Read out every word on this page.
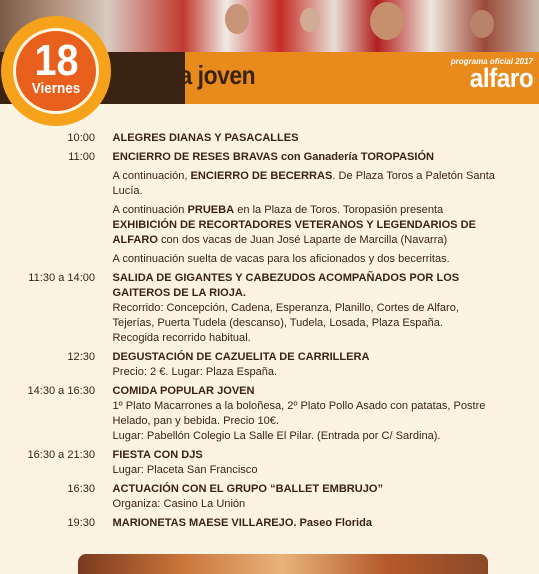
día joven	programa oficial 2017
alfaro
18
Viernes
10:00 ALEGRES DIANAS Y PASACALLES
11:00 ENCIERRO DE RESES BRAVAS con Ganadería TOROPASIÓN
A continuación, ENCIERRO DE BECERRAS. De Plaza Toros a Paletón Santa Lucía.
A continuación PRUEBA en la Plaza de Toros. Toropasión presenta
EXHIBICIÓN DE RECORTADORES VETERANOS Y LEGENDARIOS DE ALFARO con dos vacas de Juan José Laparte de Marcilla (Navarra)
A continuación suelta de vacas para los aficionados y dos becerritas.
11:30 a 14:00 SALIDA DE GIGANTES Y CABEZUDOS ACOMPAÑADOS POR LOS GAITEROS DE LA RIOJA.
Recorrido: Concepción, Cadena, Esperanza, Planillo, Cortes de Alfaro,
Tejerías, Puerta Tudela (descanso), Tudela, Losada, Plaza España.
Recogida recorrido habitual.
12:30 DEGUSTACIÓN DE CAZUELITA DE CARRILLERA
Precio: 2 €. Lugar: Plaza España.
14:30 a 16:30 COMIDA POPULAR JOVEN
1º Plato Macarrones a la boloñesa, 2º Plato Pollo Asado con patatas, Postre
Helado, pan y bebida. Precio 10€.
Lugar: Pabellón Colegio La Salle El Pilar. (Entrada por C/ Sardina).
16:30 a 21:30 FIESTA CON DJS
Lugar: Placeta San Francisco
16:30 ACTUACIÓN CON EL GRUPO “BALLET EMBRUJO”
Organiza: Casino La Unión
19:30 MARIONETAS MAESE VILLAREJO. Paseo Florida
